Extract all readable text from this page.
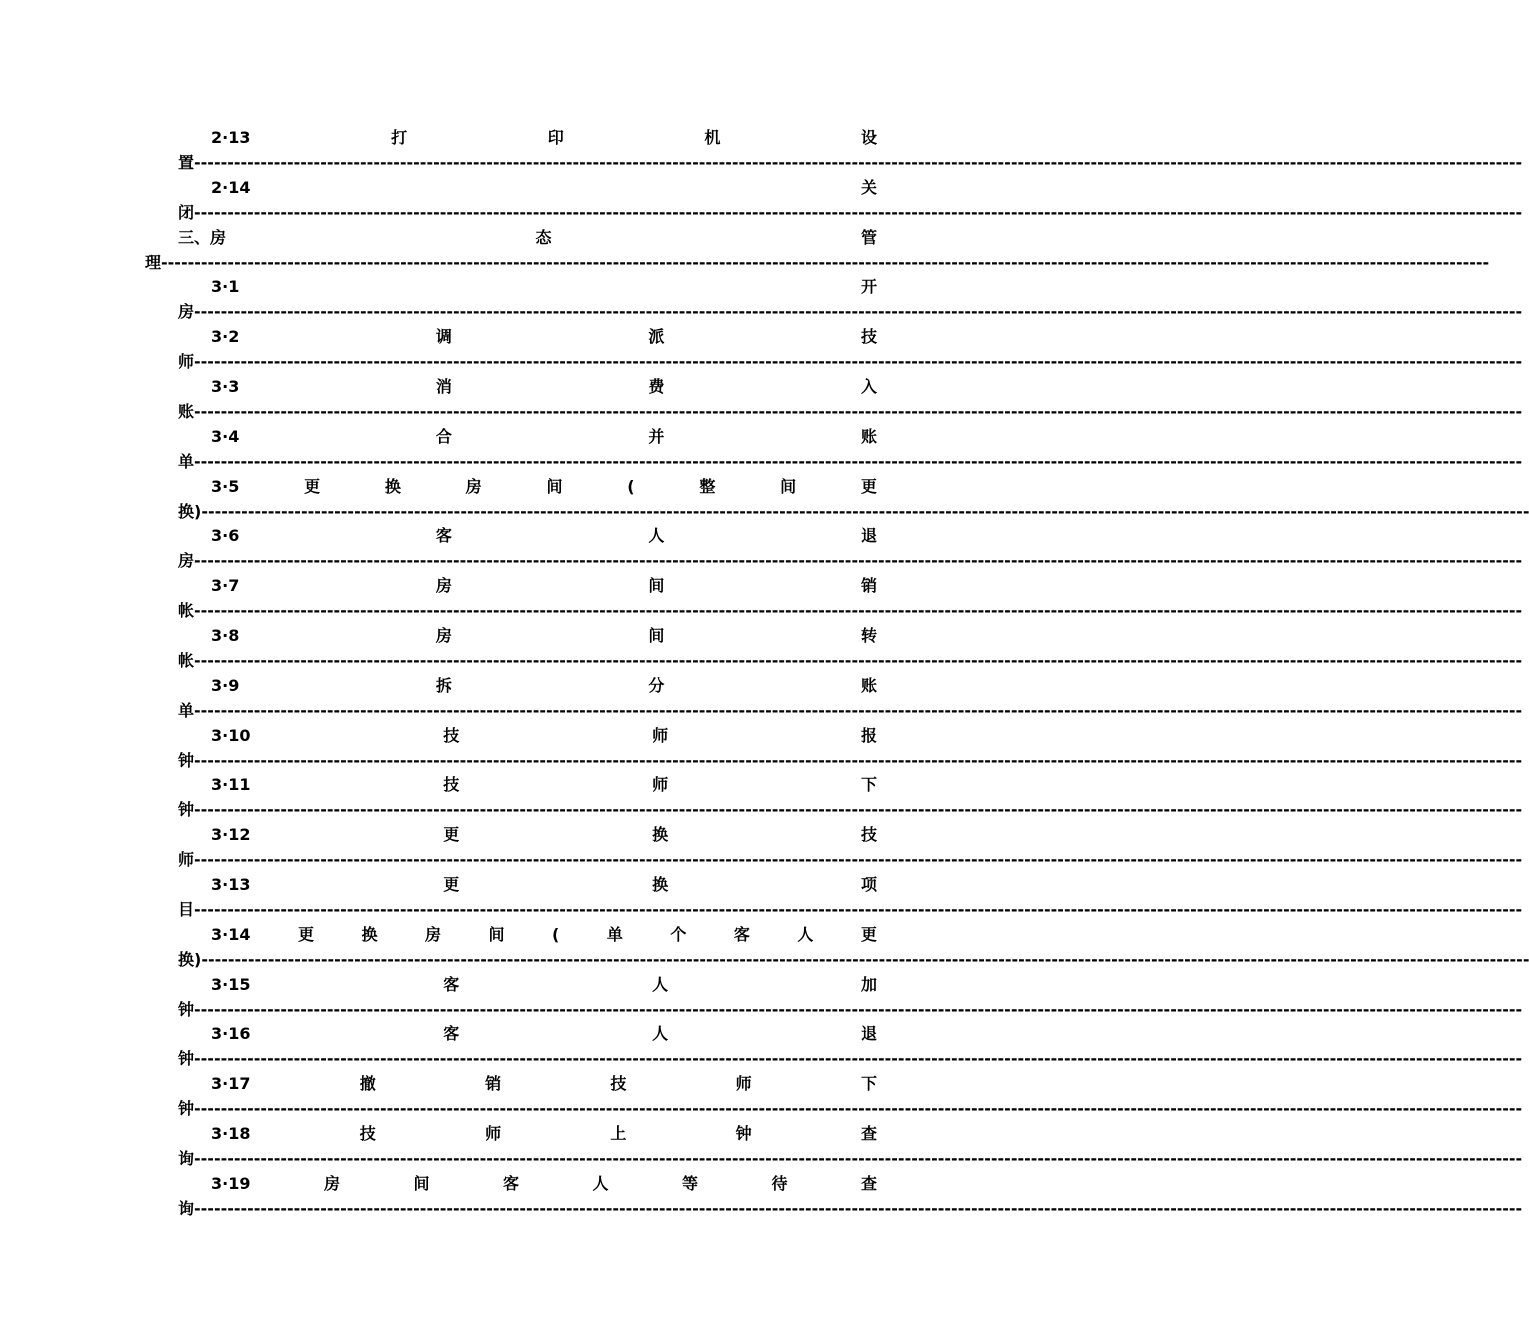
2·13	打	印	机	设
置--------------------------------------------------------------------------------------------------------------------------------------------------------------------------------------------------------
2·14	关
闭--------------------------------------------------------------------------------------------------------------------------------------------------------------------------------------------------------
三、房	态	管
理--------------------------------------------------------------------------------------------------------------------------------------------------------------------------------------------------------
3·1	开
房--------------------------------------------------------------------------------------------------------------------------------------------------------------------------------------------------------
3·2	调	派	技
师--------------------------------------------------------------------------------------------------------------------------------------------------------------------------------------------------------
3·3	消	费	入
账--------------------------------------------------------------------------------------------------------------------------------------------------------------------------------------------------------
3·4	合	并	账
单--------------------------------------------------------------------------------------------------------------------------------------------------------------------------------------------------------
3·5	更	换	房	间	(	整	间	更
换)--------------------------------------------------------------------------------------------------------------------------------------------------------------------------------------------------------
3·6	客	人	退
房--------------------------------------------------------------------------------------------------------------------------------------------------------------------------------------------------------
3·7	房	间	销
帐--------------------------------------------------------------------------------------------------------------------------------------------------------------------------------------------------------
3·8	房	间	转
帐--------------------------------------------------------------------------------------------------------------------------------------------------------------------------------------------------------
3·9	拆	分	账
单--------------------------------------------------------------------------------------------------------------------------------------------------------------------------------------------------------
3·10	技	师	报
钟--------------------------------------------------------------------------------------------------------------------------------------------------------------------------------------------------------
3·11	技	师	下
钟--------------------------------------------------------------------------------------------------------------------------------------------------------------------------------------------------------
3·12	更	换	技
师--------------------------------------------------------------------------------------------------------------------------------------------------------------------------------------------------------
3·13	更	换	项
目--------------------------------------------------------------------------------------------------------------------------------------------------------------------------------------------------------
3·14	更	换	房	间	(	单	个	客	人	更
换)--------------------------------------------------------------------------------------------------------------------------------------------------------------------------------------------------------
3·15	客	人	加
钟--------------------------------------------------------------------------------------------------------------------------------------------------------------------------------------------------------
3·16	客	人	退
钟--------------------------------------------------------------------------------------------------------------------------------------------------------------------------------------------------------
3·17	撤	销	技	师	下
钟--------------------------------------------------------------------------------------------------------------------------------------------------------------------------------------------------------
3·18	技	师	上	钟	查
询--------------------------------------------------------------------------------------------------------------------------------------------------------------------------------------------------------
3·19	房	间	客	人	等	待	查
询--------------------------------------------------------------------------------------------------------------------------------------------------------------------------------------------------------
